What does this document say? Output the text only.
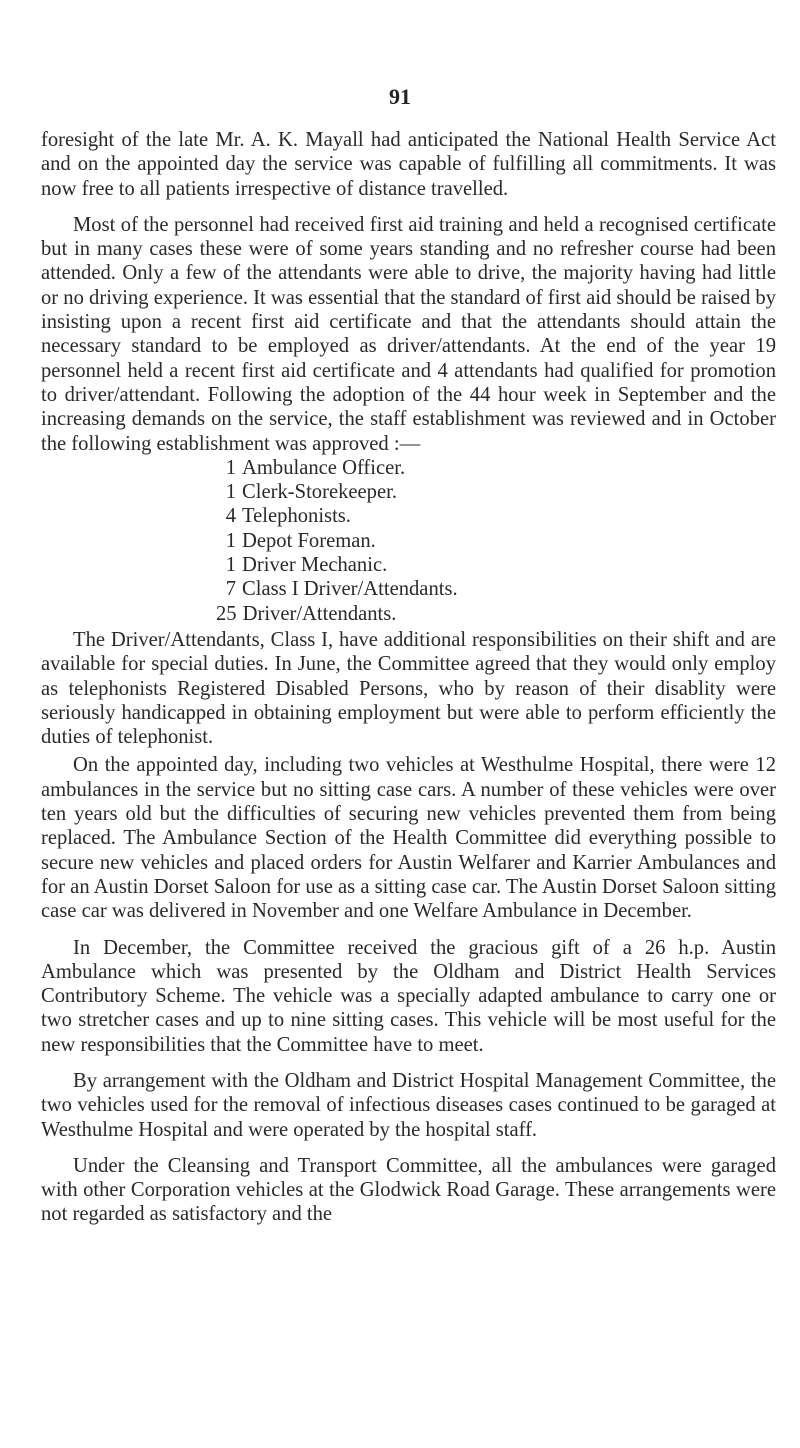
91

foresight of the late Mr. A. K. Mayall had anticipated the National Health Service Act and on the appointed day the service was capable of fulfilling all commitments. It was now free to all patients irrespective of distance travelled.

Most of the personnel had received first aid training and held a recognised certificate but in many cases these were of some years standing and no refresher course had been attended. Only a few of the attendants were able to drive, the majority having had little or no driving experience. It was essential that the standard of first aid should be raised by insisting upon a recent first aid certificate and that the attendants should attain the necessary standard to be employed as driver/attendants. At the end of the year 19 personnel held a recent first aid certificate and 4 attendants had qualified for promotion to driver/attendant. Following the adoption of the 44 hour week in September and the increasing demands on the service, the staff establishment was reviewed and in October the following establishment was approved :—

1 Ambulance Officer.
1 Clerk-Storekeeper.
4 Telephonists.
1 Depot Foreman.
1 Driver Mechanic.
7 Class I Driver/Attendants.
25 Driver/Attendants.

The Driver/Attendants, Class I, have additional responsibilities on their shift and are available for special duties. In June, the Committee agreed that they would only employ as telephonists Registered Disabled Persons, who by reason of their disablity were seriously handicapped in obtaining employment but were able to perform efficiently the duties of telephonist.

On the appointed day, including two vehicles at Westhulme Hospital, there were 12 ambulances in the service but no sitting case cars. A number of these vehicles were over ten years old but the difficulties of securing new vehicles prevented them from being replaced. The Ambulance Section of the Health Committee did everything possible to secure new vehicles and placed orders for Austin Welfarer and Karrier Ambulances and for an Austin Dorset Saloon for use as a sitting case car. The Austin Dorset Saloon sitting case car was delivered in November and one Welfare Ambulance in December.

In December, the Committee received the gracious gift of a 26 h.p. Austin Ambulance which was presented by the Oldham and District Health Services Contributory Scheme. The vehicle was a specially adapted ambulance to carry one or two stretcher cases and up to nine sitting cases. This vehicle will be most useful for the new responsibilities that the Committee have to meet.

By arrangement with the Oldham and District Hospital Management Committee, the two vehicles used for the removal of infectious diseases cases continued to be garaged at Westhulme Hospital and were operated by the hospital staff.

Under the Cleansing and Transport Committee, all the ambulances were garaged with other Corporation vehicles at the Glodwick Road Garage. These arrangements were not regarded as satisfactory and the
